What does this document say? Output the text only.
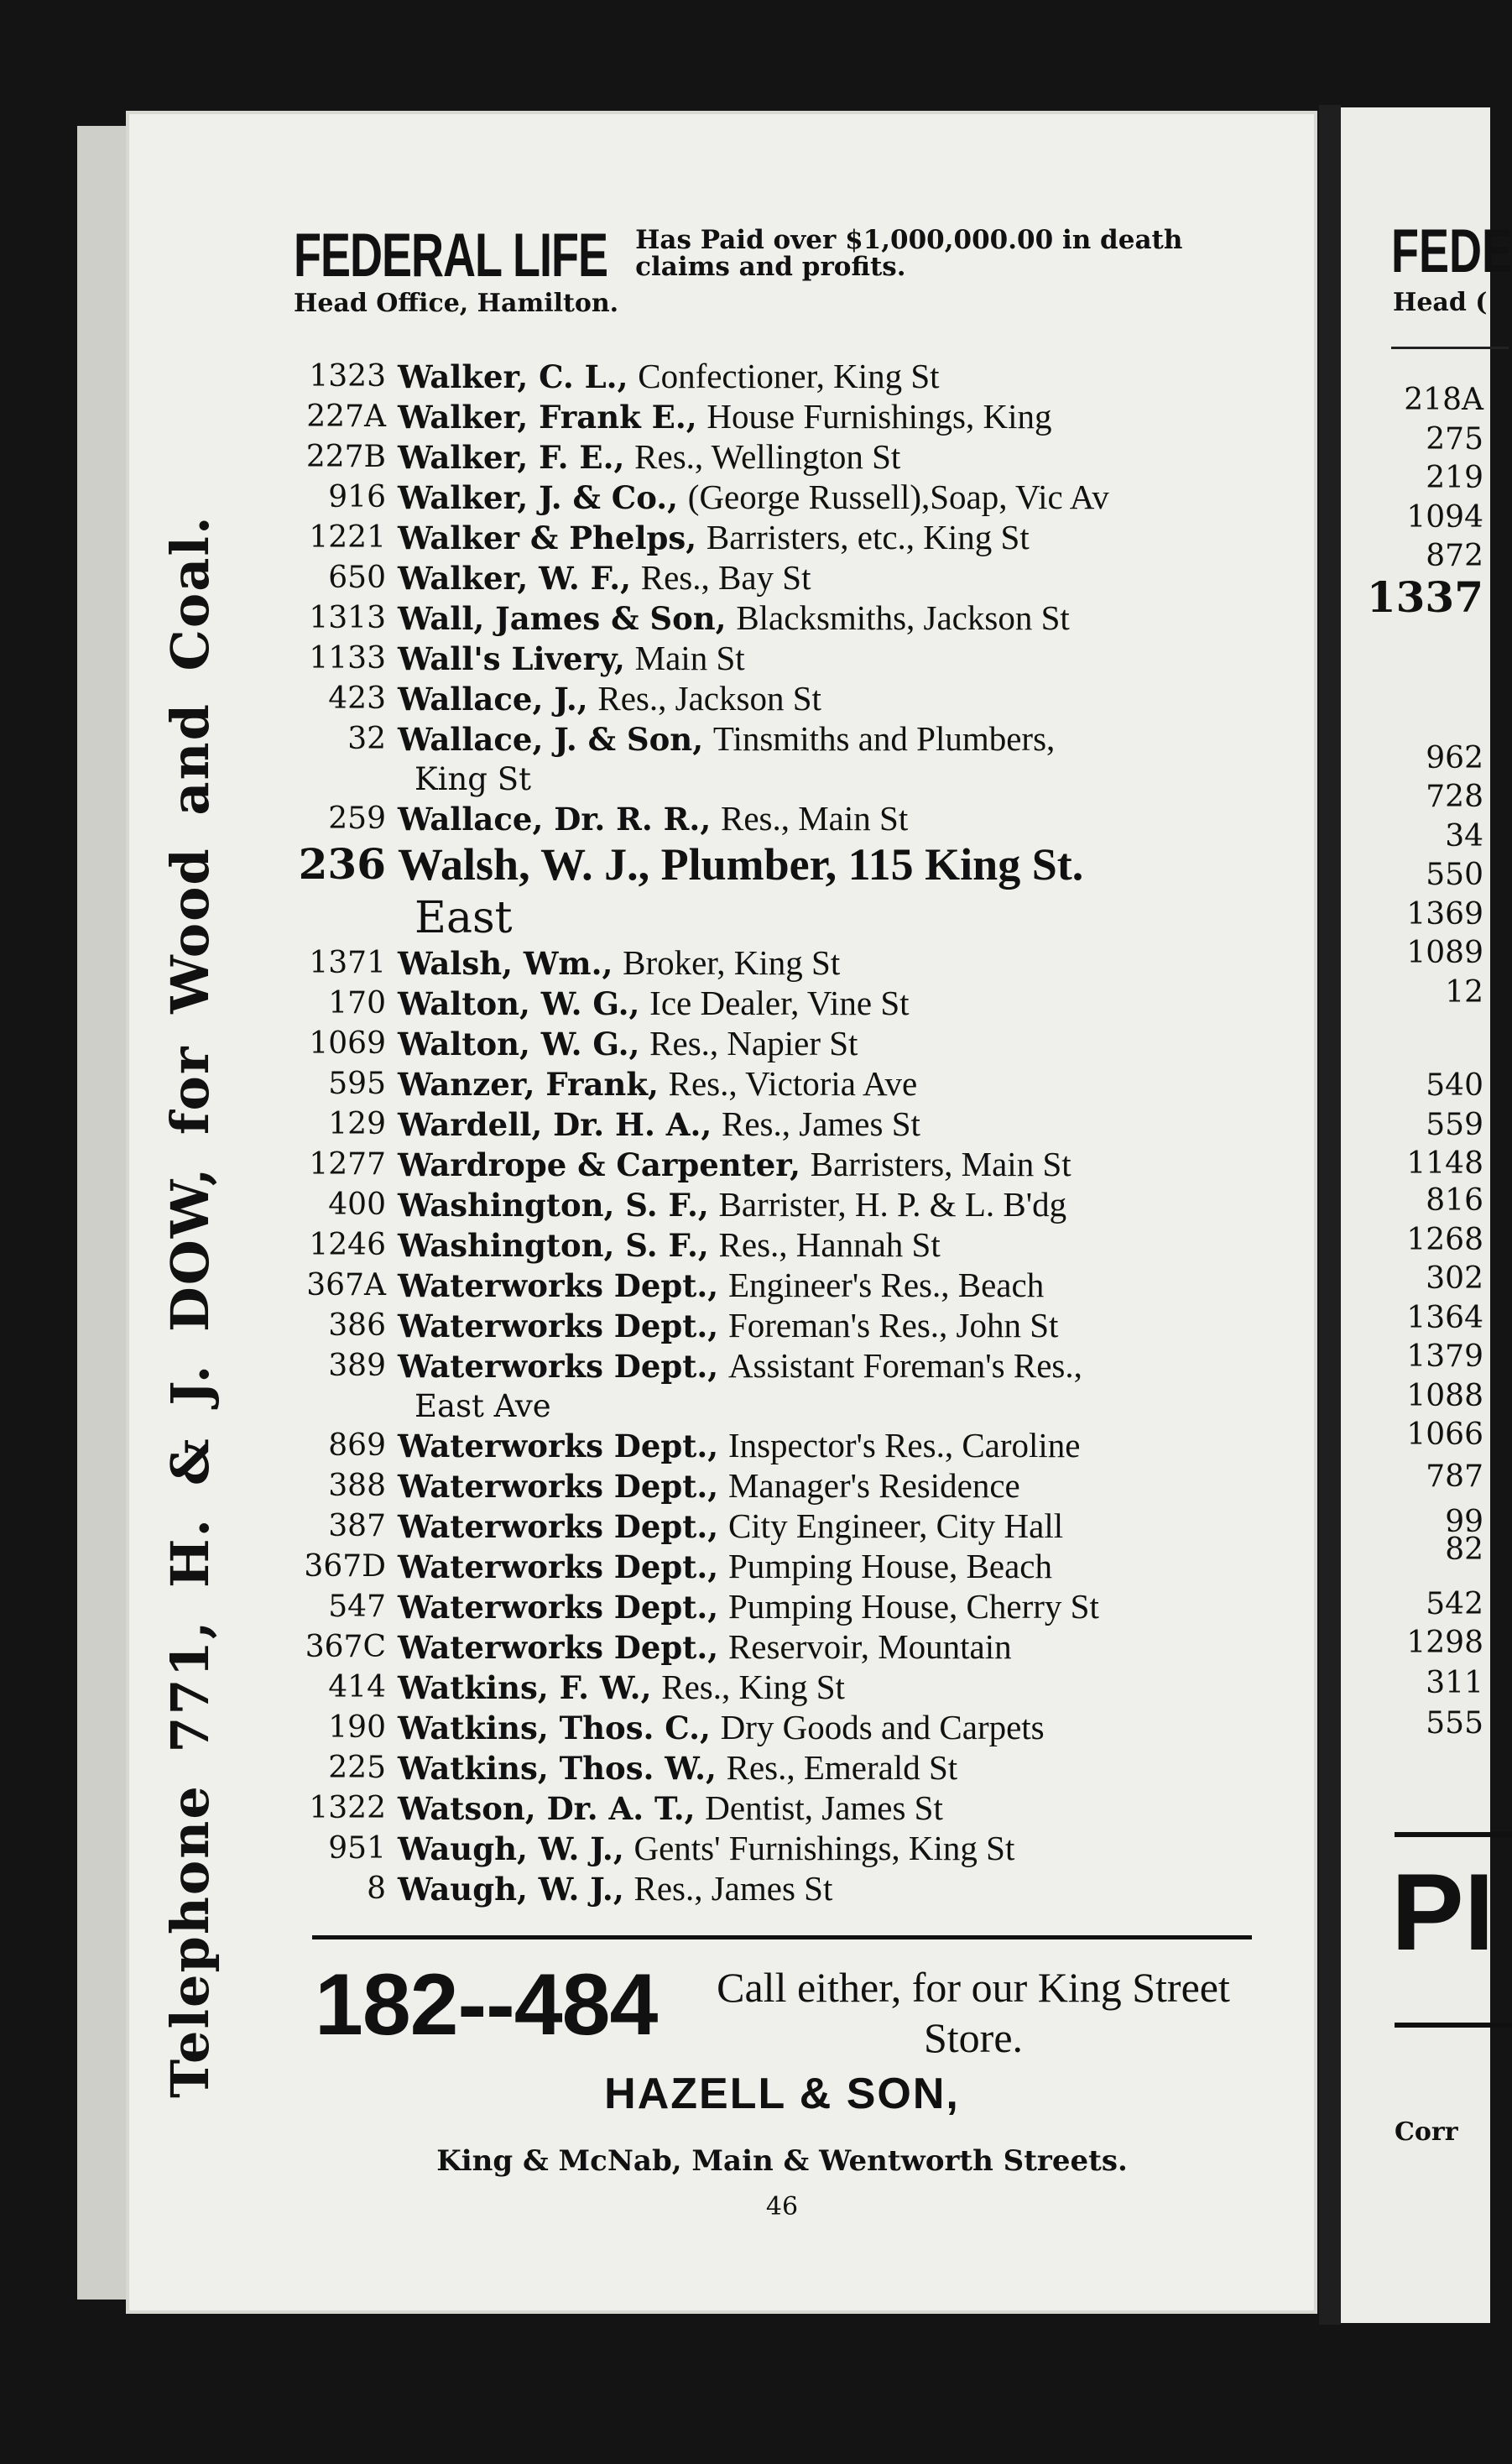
Telephone 771, H. & J. DOW, for Wood and Coal.
FEDERAL LIFE Has Paid over $1,000,000.00 in death claims and profits.
Head Office, Hamilton.
1323 Walker, C. L., Confectioner, King St
227A Walker, Frank E., House Furnishings, King
227B Walker, F. E., Res., Wellington St
916 Walker, J. & Co., (George Russell),Soap, Vic Av
1221 Walker & Phelps, Barristers, etc., King St
650 Walker, W. F., Res., Bay St
1313 Wall, James & Son, Blacksmiths, Jackson St
1133 Wall's Livery, Main St
423 Wallace, J., Res., Jackson St
32 Wallace, J. & Son, Tinsmiths and Plumbers,
King St
259 Wallace, Dr. R. R., Res., Main St
236 Walsh, W. J., Plumber, 115 King St.
East
1371 Walsh, Wm., Broker, King St
170 Walton, W. G., Ice Dealer, Vine St
1069 Walton, W. G., Res., Napier St
595 Wanzer, Frank, Res., Victoria Ave
129 Wardell, Dr. H. A., Res., James St
1277 Wardrope & Carpenter, Barristers, Main St
400 Washington, S. F., Barrister, H. P. & L. B'dg
1246 Washington, S. F., Res., Hannah St
367A Waterworks Dept., Engineer's Res., Beach
386 Waterworks Dept., Foreman's Res., John St
389 Waterworks Dept., Assistant Foreman's Res.,
East Ave
869 Waterworks Dept., Inspector's Res., Caroline
388 Waterworks Dept., Manager's Residence
387 Waterworks Dept., City Engineer, City Hall
367D Waterworks Dept., Pumping House, Beach
547 Waterworks Dept., Pumping House, Cherry St
367C Waterworks Dept., Reservoir, Mountain
414 Watkins, F. W., Res., King St
190 Watkins, Thos. C., Dry Goods and Carpets
225 Watkins, Thos. W., Res., Emerald St
1322 Watson, Dr. A. T., Dentist, James St
951 Waugh, W. J., Gents' Furnishings, King St
8 Waugh, W. J., Res., James St
182--484	Call either, for our King Street Store.
HAZELL & SON,
King & McNab, Main & Wentworth Streets.
46
FEDE
Head (
PI
Corr
218A
275
219
1094
872
1337
962
728
34
550
1369
1089
12
540
559
1148
816
1268
302
1364
1379
1088
1066
787
99
82
542
1298
311
555
